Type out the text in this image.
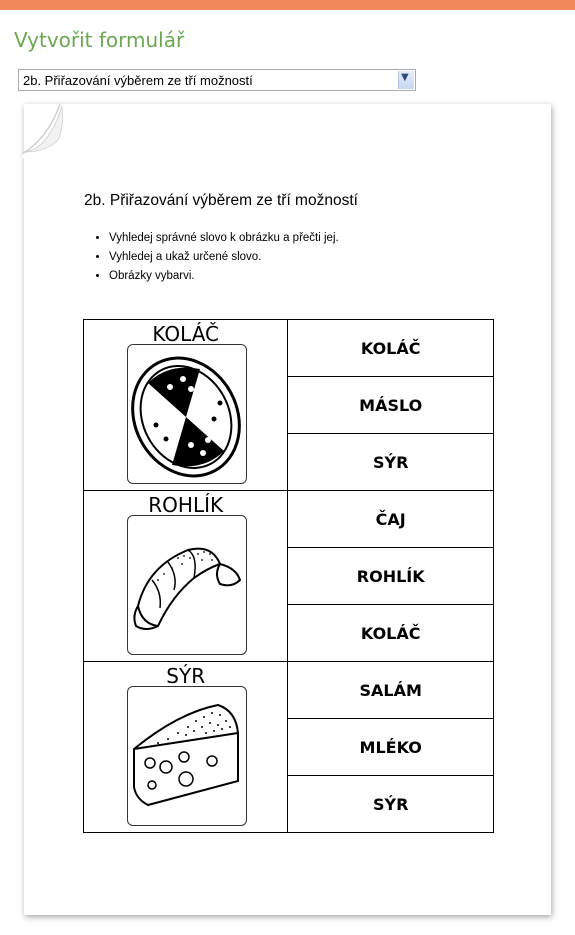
Vytvořit formulář
2b. Přiřazování výběrem ze tří možností	▼
2b. Přiřazování výběrem ze tří možností
• Vyhledej správné slovo k obrázku a přečti jej.
• Vyhledej a ukaž určené slovo.
• Obrázky vybarvi.
KOLÁČ	KOLÁČ
	MÁSLO
	SÝR

ROHLÍK	ČAJ
	ROHLÍK
	KOLÁČ

SÝR	SALÁM
	MLÉKO
	SÝR
